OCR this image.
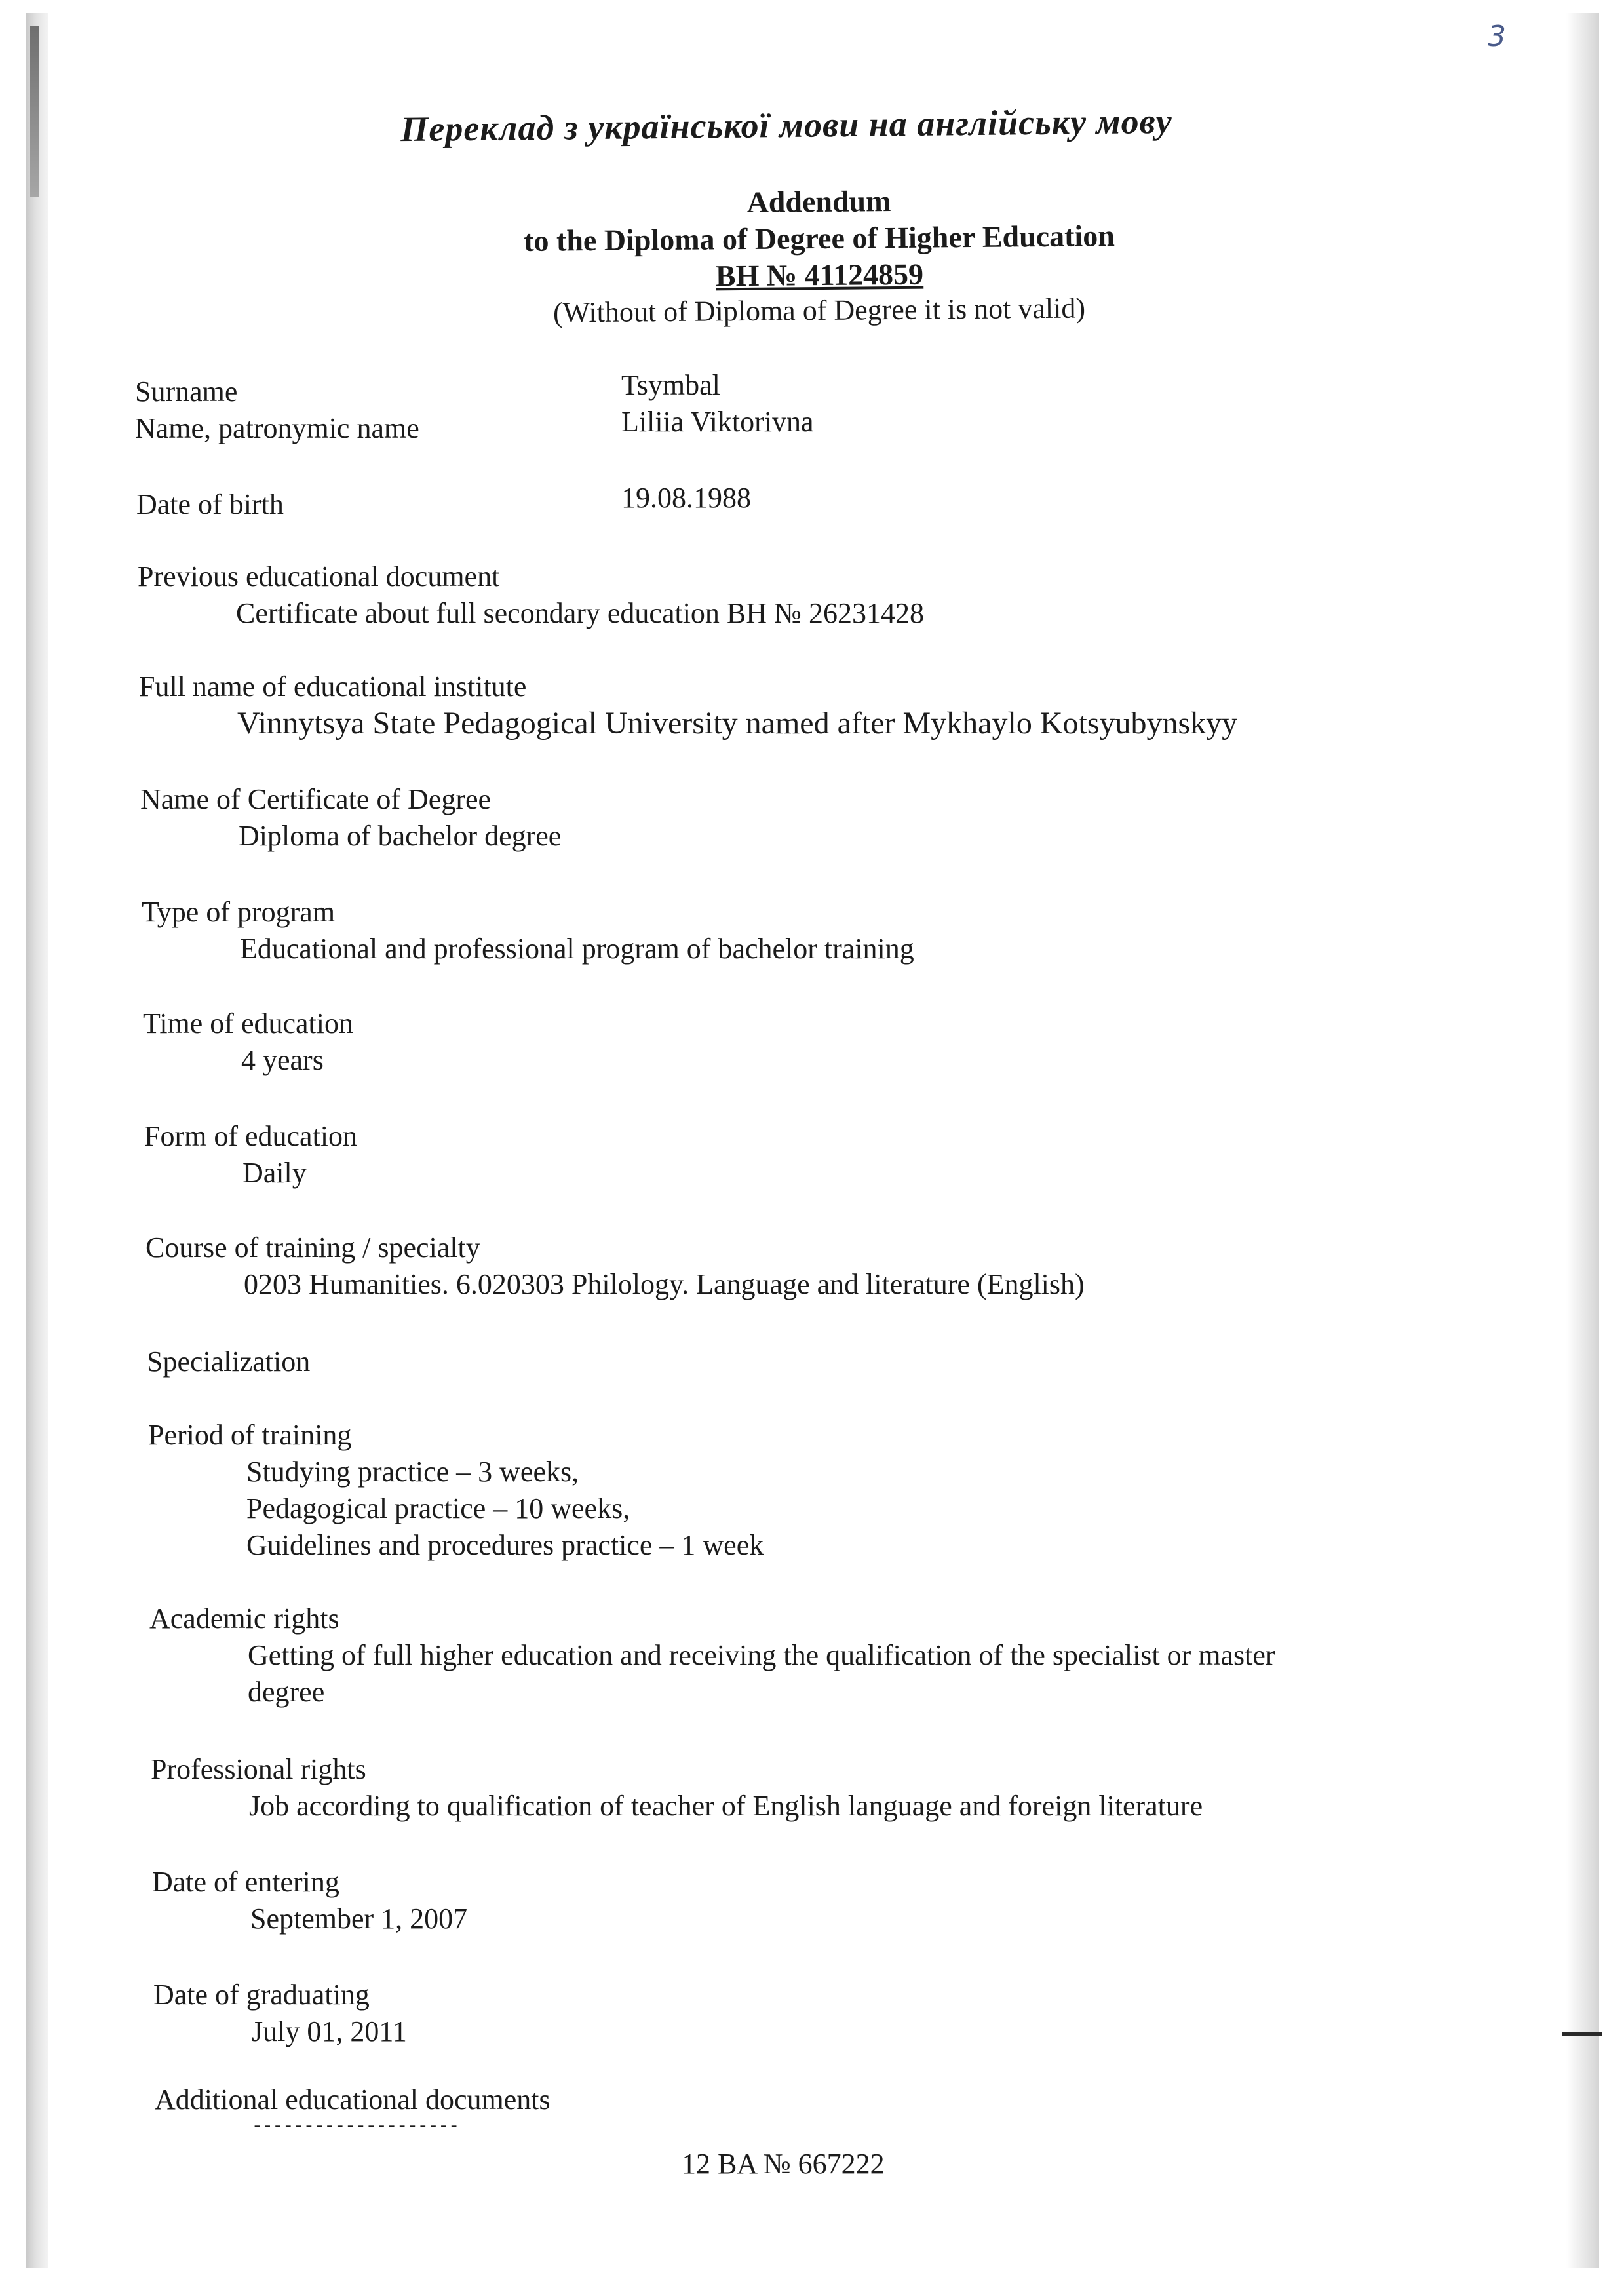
3
Переклад з української мови на англійську мову
Addendum
to the Diploma of Degree of Higher Education
BH № 41124859
(Without of Diploma of Degree it is not valid)
Surname	Tsymbal
Name, patronymic name	Liliia Viktorivna
Date of birth	19.08.1988
Previous educational document
Certificate about full secondary education BH № 26231428
Full name of educational institute
Vinnytsya State Pedagogical University named after Mykhaylo Kotsyubynskyy
Name of Certificate of Degree
Diploma of bachelor degree
Type of program
Educational and professional program of bachelor training
Time of education
4 years
Form of education
Daily
Course of training / specialty
0203 Humanities. 6.020303 Philology. Language and literature (English)
Specialization
Period of training
Studying practice – 3 weeks,
Pedagogical practice – 10 weeks,
Guidelines and procedures practice – 1 week
Academic rights
Getting of full higher education and receiving the qualification of the specialist or master
degree
Professional rights
Job according to qualification of teacher of English language and foreign literature
Date of entering
September 1, 2007
Date of graduating
July 01, 2011
Additional educational documents
--------------------
12 BA № 667222
